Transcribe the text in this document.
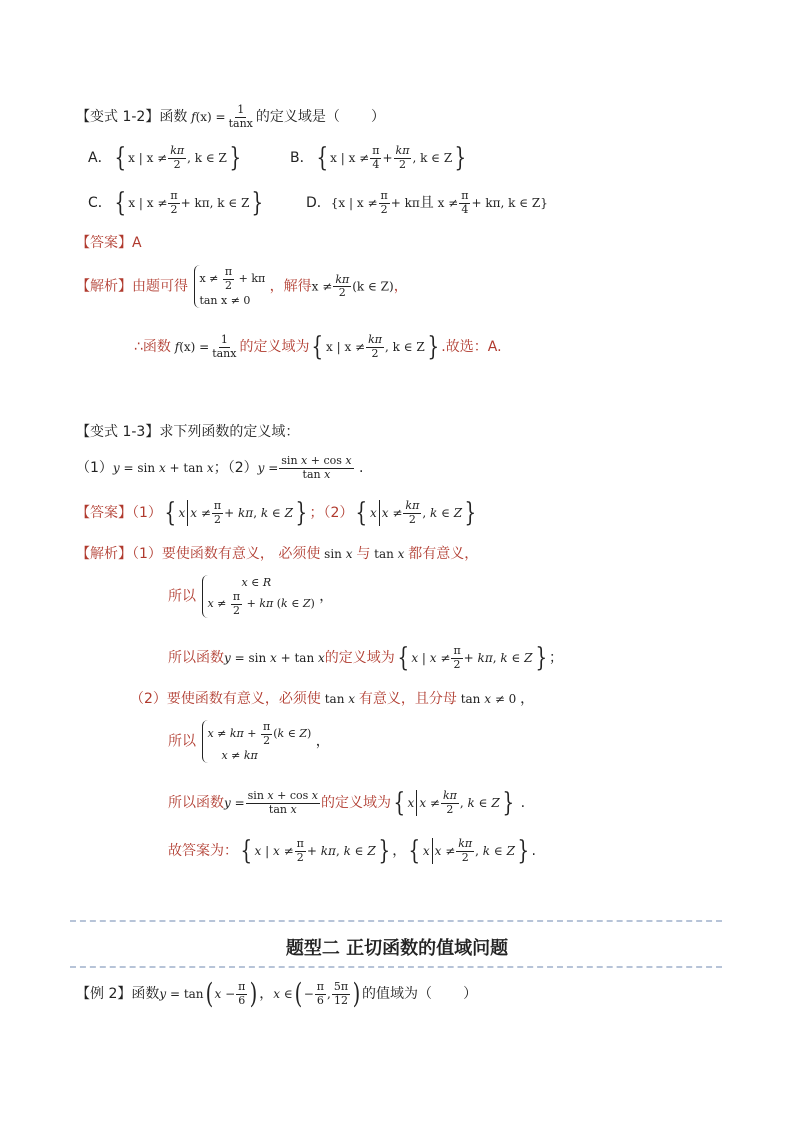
【变式 1-2】函数 $f(x) = \frac{1}{\tan x}$ 的定义域是（       ）
A．{ x | $x \ne \frac{k\pi}{2}$ , k ∈ Z}	B．{ x | $x \ne \frac{\pi}{4} + \frac{k\pi}{2}$ , k ∈ Z}
C．{ x | $x \ne \frac{\pi}{2} + k\pi$, k ∈ Z}	D．{x | $x \ne \frac{\pi}{2} + k\pi$且 $x \ne \frac{\pi}{4} + k\pi$, k ∈ Z}
【答案】A
【解析】由题可得
$x \ne \frac{\pi}{2} + k\pi$
tan x ≠ 0
，解得$x \ne \frac{k\pi}{2} (k$ ∈ Z)，
∴函数 $f(x) = \frac{1}{\tan x}$ 的定义域为{ x | $x \ne \frac{k\pi}{2}$ , k ∈ Z} .故选：A.
【变式 1-3】求下列函数的定义域：
（1）y = sin x + tan x；$(2)y = \frac{\text{sin x + cos x}}{\text{tan x}}$ .
【答案】（1）{ x $x \ne \frac{\pi}{2} + k\pi$, k ∈ Z} ；（2）{ x $x \ne \frac{k\pi}{2}$ , k ∈ Z}
【解析】（1）要使函数有意义， 必须使 sin x 与 tan x 都有意义，
所以
x ∈ R
$x \ne \frac{\pi}{2} + k\pi$ (k ∈ Z) ，
所以函数y = sin x + tan x的定义域为{ x | $x \ne \frac{\pi}{2} + k\pi$, k ∈ Z} ；
（2）要使函数有意义，必须使 tan x 有意义，且分母 tan x ≠ 0 ，
所以
$x \ne k\pi + \frac{\pi}{2} (k$ ∈ Z)
x ≠ kπ
，
所以函数$y = \frac{\text{sin x + cos x}}{\text{tan x}}$ 的定义域为{ x $x \ne \frac{k\pi}{2}$ , k ∈ Z} .
故答案为：{ x | $x \ne \frac{\pi}{2} + k\pi$, k ∈ Z} ，{ x $x \ne \frac{k\pi}{2}$ , k ∈ Z} .
题型二 正切函数的值域问题
【例 2】函数y = tan( $x - \frac{\pi}{6}$ ) ，x ∈( − $\frac{\pi}{6}$ , $\frac{5\pi}{12}$ ) 的值域为（       ）
